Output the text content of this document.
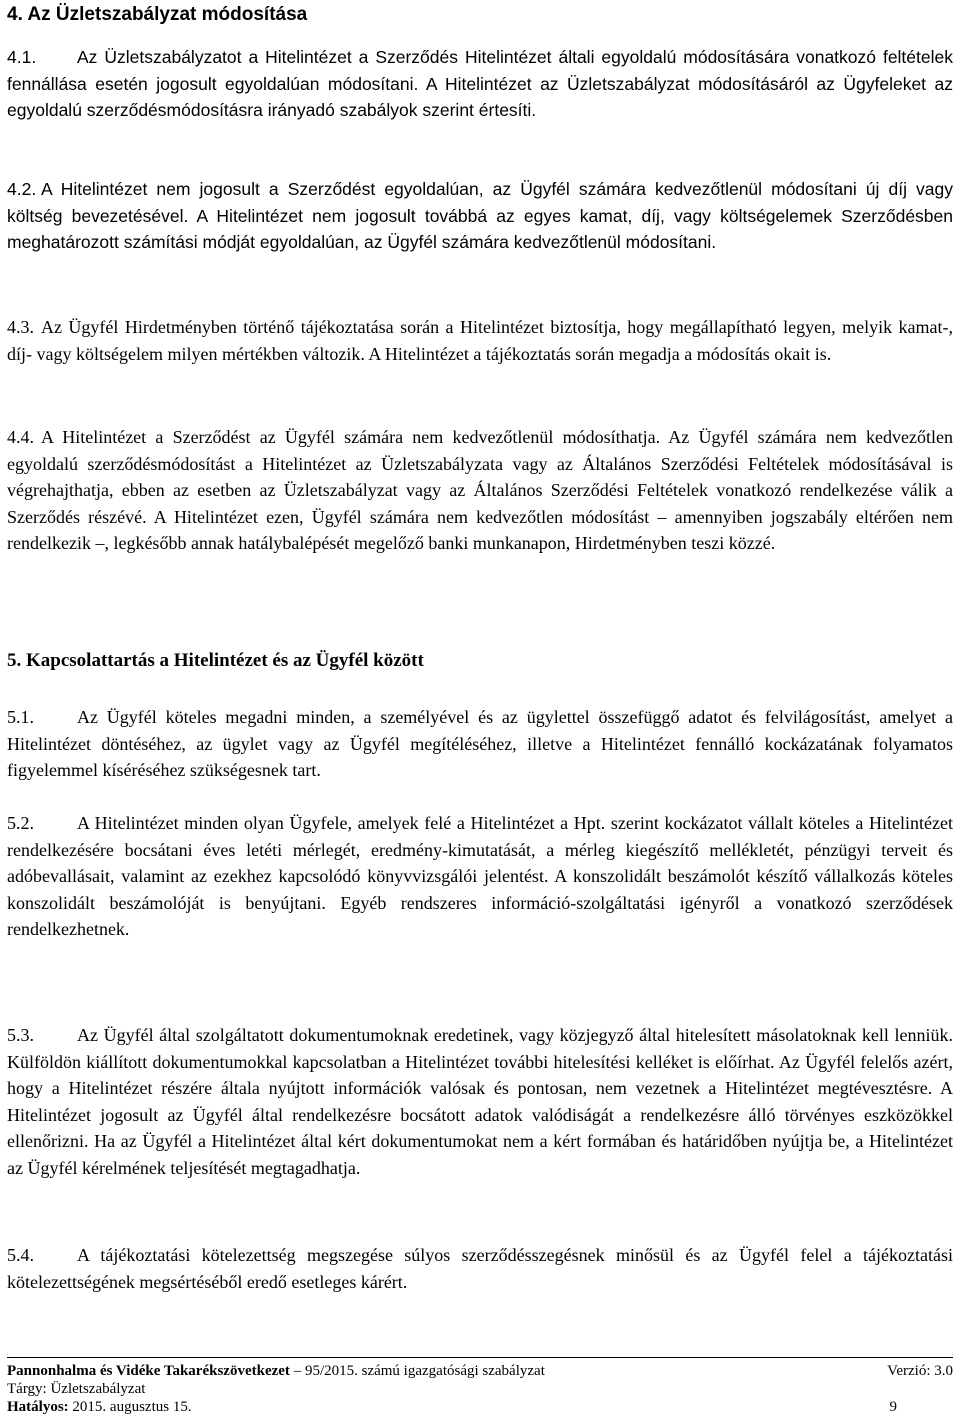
4. Az Üzletszabályzat módosítása

4.1. Az Üzletszabályzatot a Hitelintézet a Szerződés Hitelintézet általi egyoldalú módosítására vonatkozó feltételek fennállása esetén jogosult egyoldalúan módosítani. A Hitelintézet az Üzletszabályzat módosításáról az Ügyfeleket az egyoldalú szerződésmódosításra irányadó szabályok szerint értesíti.

4.2. A Hitelintézet nem jogosult a Szerződést egyoldalúan, az Ügyfél számára kedvezőtlenül módosítani új díj vagy költség bevezetésével. A Hitelintézet nem jogosult továbbá az egyes kamat, díj, vagy költségelemek Szerződésben meghatározott számítási módját egyoldalúan, az Ügyfél számára kedvezőtlenül módosítani.

4.3. Az Ügyfél Hirdetményben történő tájékoztatása során a Hitelintézet biztosítja, hogy megállapítható legyen, melyik kamat-, díj- vagy költségelem milyen mértékben változik. A Hitelintézet a tájékoztatás során megadja a módosítás okait is.

4.4. A Hitelintézet a Szerződést az Ügyfél számára nem kedvezőtlenül módosíthatja. Az Ügyfél számára nem kedvezőtlen egyoldalú szerződésmódosítást a Hitelintézet az Üzletszabályzata vagy az Általános Szerződési Feltételek módosításával is végrehajthatja, ebben az esetben az Üzletszabályzat vagy az Általános Szerződési Feltételek vonatkozó rendelkezése válik a Szerződés részévé. A Hitelintézet ezen, Ügyfél számára nem kedvezőtlen módosítást – amennyiben jogszabály eltérően nem rendelkezik –, legkésőbb annak hatálybalépését megelőző banki munkanapon, Hirdetményben teszi közzé.

5. Kapcsolattartás a Hitelintézet és az Ügyfél között

5.1. Az Ügyfél köteles megadni minden, a személyével és az ügylettel összefüggő adatot és felvilágosítást, amelyet a Hitelintézet döntéséhez, az ügylet vagy az Ügyfél megítéléséhez, illetve a Hitelintézet fennálló kockázatának folyamatos figyelemmel kíséréséhez szükségesnek tart.

5.2. A Hitelintézet minden olyan Ügyfele, amelyek felé a Hitelintézet a Hpt. szerint kockázatot vállalt köteles a Hitelintézet rendelkezésére bocsátani éves letéti mérlegét, eredmény-kimutatását, a mérleg kiegészítő mellékletét, pénzügyi terveit és adóbevallásait, valamint az ezekhez kapcsolódó könyvvizsgálói jelentést. A konszolidált beszámolót készítő vállalkozás köteles konszolidált beszámolóját is benyújtani. Egyéb rendszeres információ-szolgáltatási igényről a vonatkozó szerződések rendelkezhetnek.

5.3. Az Ügyfél által szolgáltatott dokumentumoknak eredetinek, vagy közjegyző által hitelesített másolatoknak kell lenniük. Külföldön kiállított dokumentumokkal kapcsolatban a Hitelintézet további hitelesítési kelléket is előírhat. Az Ügyfél felelős azért, hogy a Hitelintézet részére általa nyújtott információk valósak és pontosan, nem vezetnek a Hitelintézet megtévesztésre. A Hitelintézet jogosult az Ügyfél által rendelkezésre bocsátott adatok valódiságát a rendelkezésre álló törvényes eszközökkel ellenőrizni. Ha az Ügyfél a Hitelintézet által kért dokumentumokat nem a kért formában és határidőben nyújtja be, a Hitelintézet az Ügyfél kérelmének teljesítését megtagadhatja.

5.4. A tájékoztatási kötelezettség megszegése súlyos szerződésszegésnek minősül és az Ügyfél felel a tájékoztatási kötelezettségének megsértéséből eredő esetleges kárért.

Pannonhalma és Vidéke Takarékszövetkezet – 95/2015. számú igazgatósági szabályzat	Verzió: 3.0
Tárgy: Üzletszabályzat
Hatályos: 2015. augusztus 15.	9
